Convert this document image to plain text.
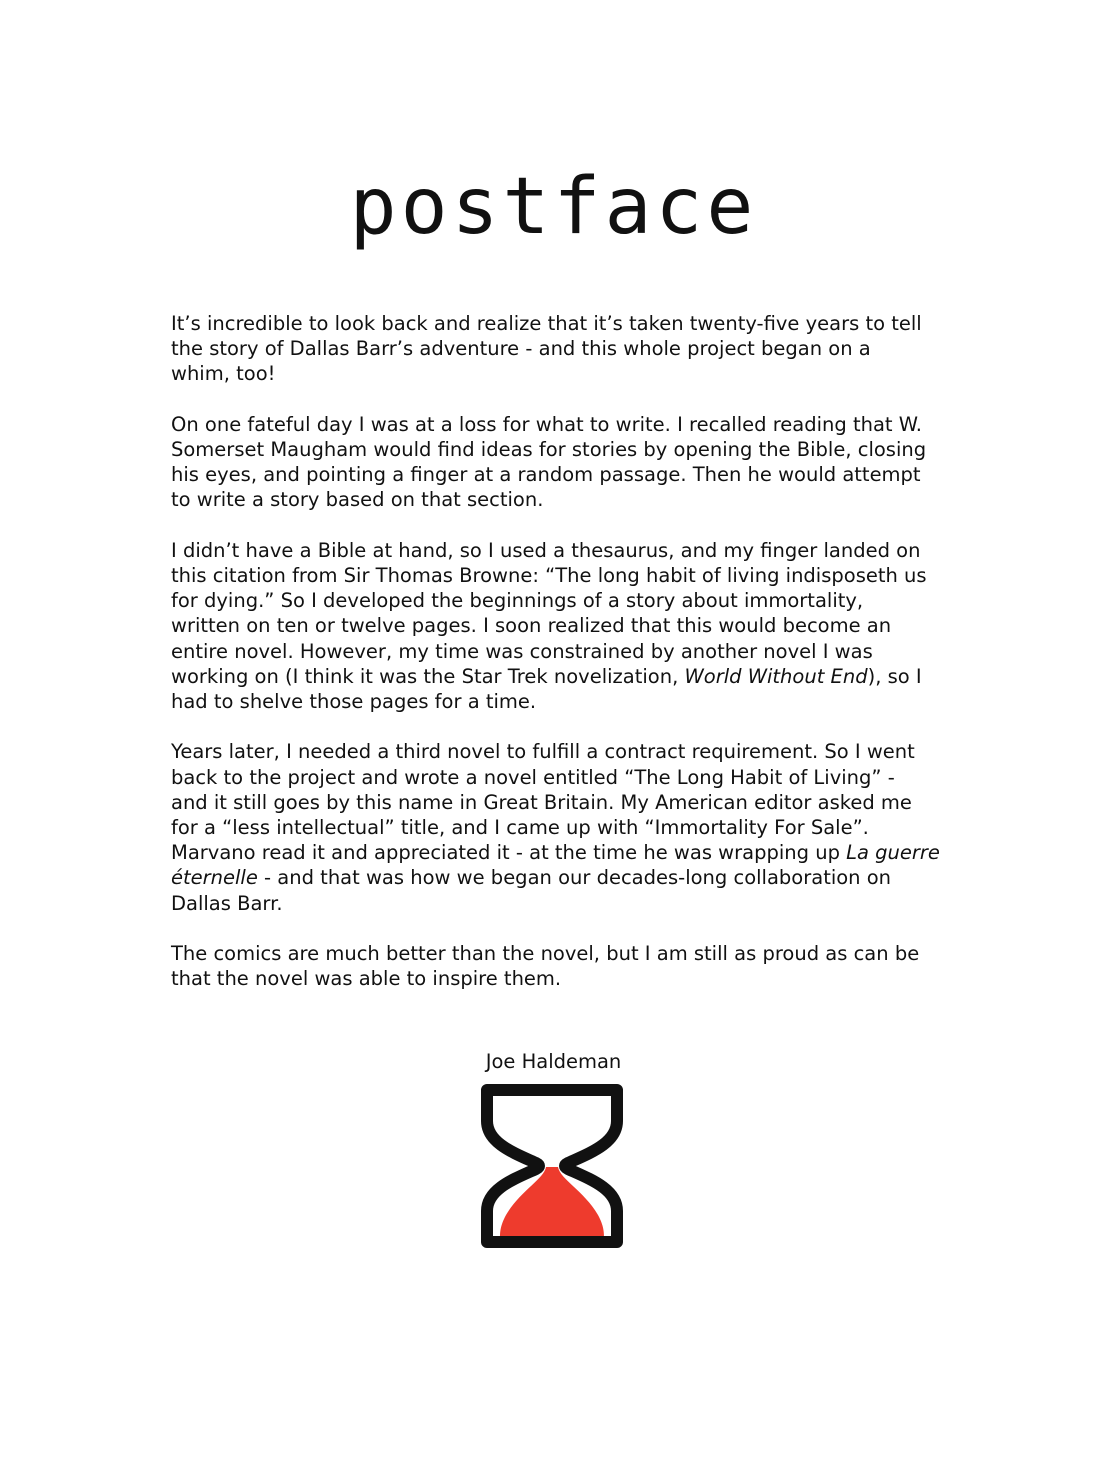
postface

It’s incredible to look back and realize that it’s taken twenty-five years to tell
the story of Dallas Barr’s adventure - and this whole project began on a
whim, too!

On one fateful day I was at a loss for what to write. I recalled reading that W.
Somerset Maugham would find ideas for stories by opening the Bible, closing
his eyes, and pointing a finger at a random passage. Then he would attempt
to write a story based on that section.

I didn’t have a Bible at hand, so I used a thesaurus, and my finger landed on
this citation from Sir Thomas Browne: “The long habit of living indisposeth us
for dying.” So I developed the beginnings of a story about immortality,
written on ten or twelve pages. I soon realized that this would become an
entire novel. However, my time was constrained by another novel I was
working on (I think it was the Star Trek novelization, World Without End), so I
had to shelve those pages for a time.

Years later, I needed a third novel to fulfill a contract requirement. So I went
back to the project and wrote a novel entitled “The Long Habit of Living” -
and it still goes by this name in Great Britain. My American editor asked me
for a “less intellectual” title, and I came up with “Immortality For Sale”.
Marvano read it and appreciated it - at the time he was wrapping up La guerre
éternelle - and that was how we began our decades-long collaboration on
Dallas Barr.

The comics are much better than the novel, but I am still as proud as can be
that the novel was able to inspire them.

Joe Haldeman
